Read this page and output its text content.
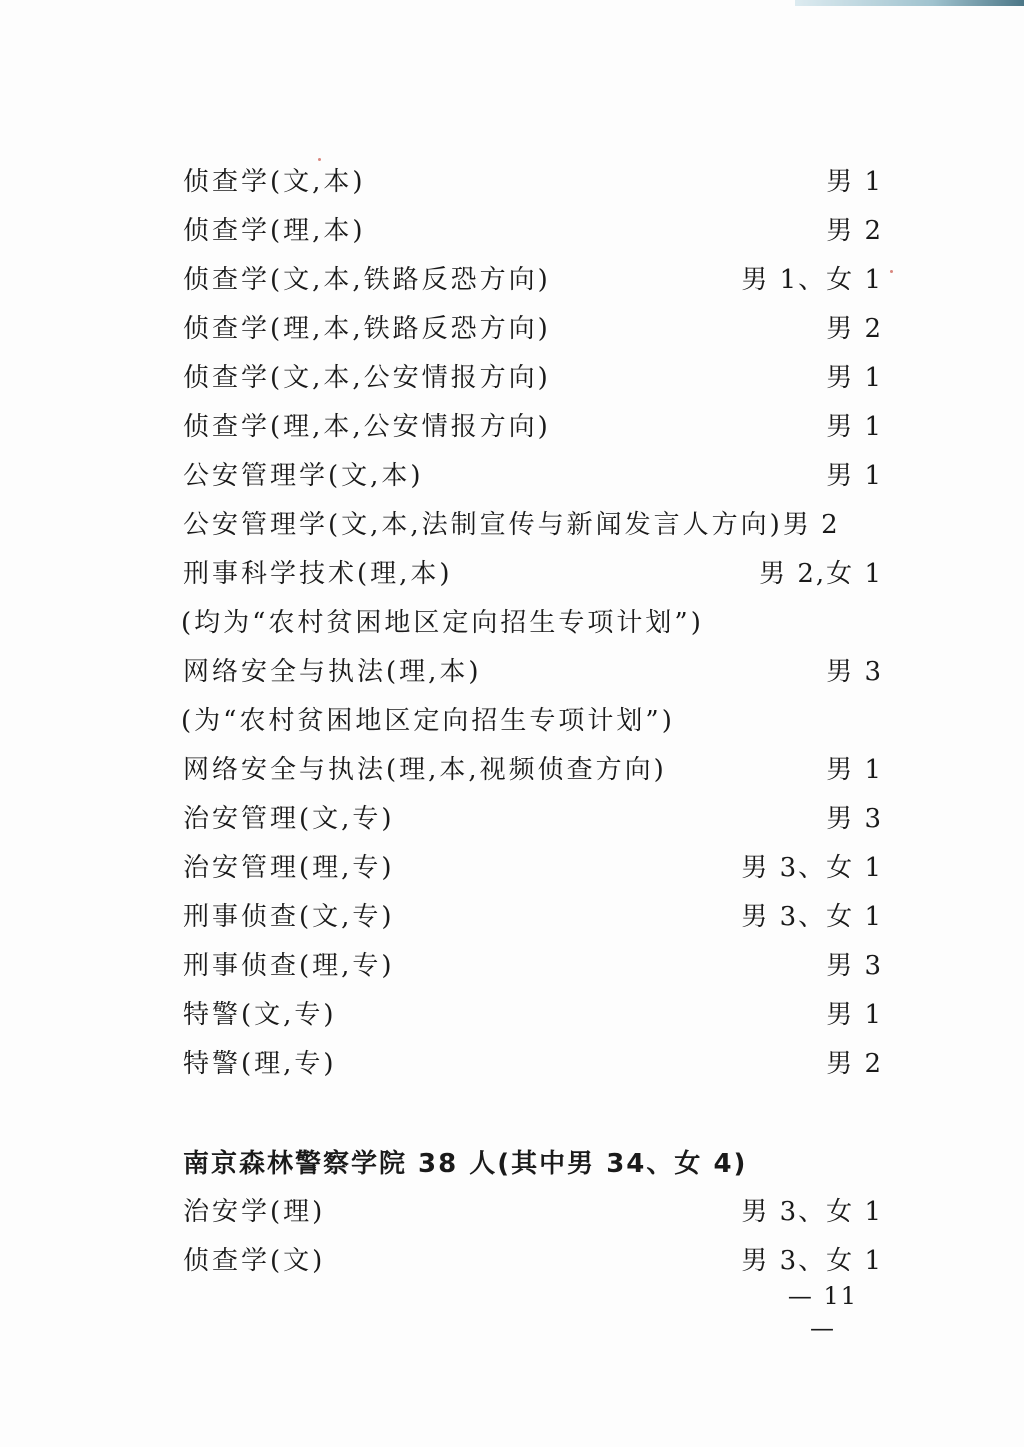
侦查学(文,本)	男 1
侦查学(理,本)	男 2
侦查学(文,本,铁路反恐方向)	男 1、女 1
侦查学(理,本,铁路反恐方向)	男 2
侦查学(文,本,公安情报方向)	男 1
侦查学(理,本,公安情报方向)	男 1
公安管理学(文,本)	男 1
公安管理学(文,本,法制宣传与新闻发言人方向)男 2
刑事科学技术(理,本)	男 2,女 1
(均为“农村贫困地区定向招生专项计划”)
网络安全与执法(理,本)	男 3
(为“农村贫困地区定向招生专项计划”)
网络安全与执法(理,本,视频侦查方向)	男 1
治安管理(文,专)	男 3
治安管理(理,专)	男 3、女 1
刑事侦查(文,专)	男 3、女 1
刑事侦查(理,专)	男 3
特警(文,专)	男 1
特警(理,专)	男 2
南京森林警察学院 38 人(其中男 34、女 4)
治安学(理)	男 3、女 1
侦查学(文)	男 3、女 1
— 11 —
